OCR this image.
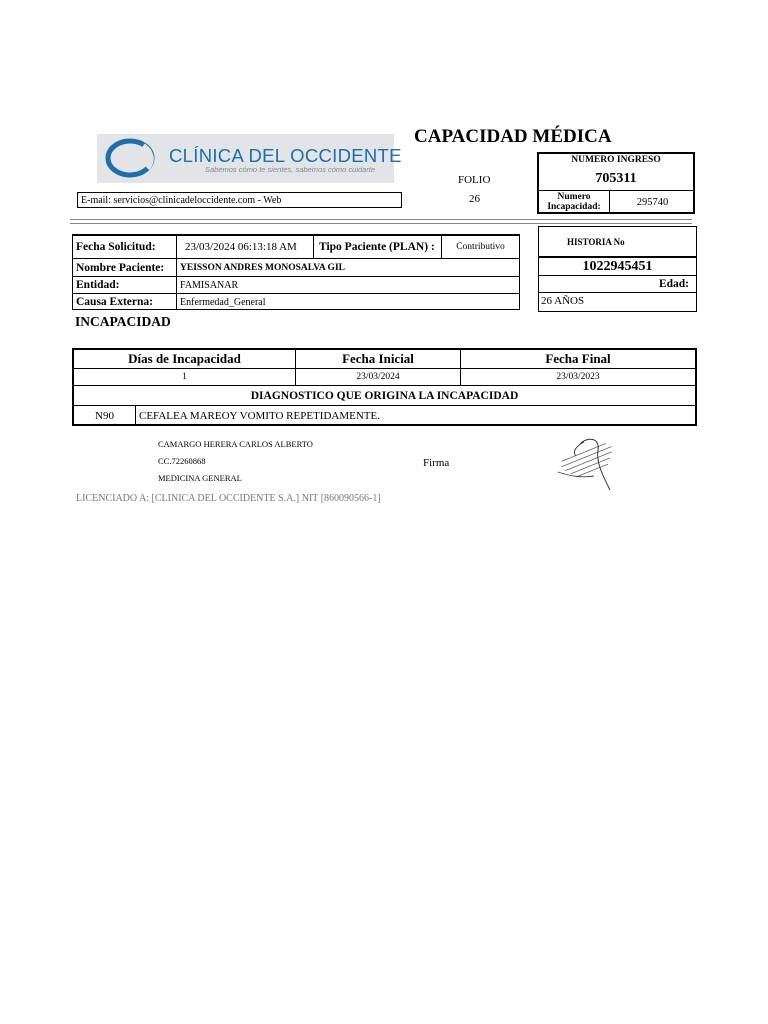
CLÍNICA DEL OCCIDENTE
Sabemos cómo te sientes, sabemos cómo cuidarte
CAPACIDAD MÉDICA
E-mail: servicios@clinicadeloccidente.com - Web
FOLIO
26
NUMERO INGRESO
705311
Numero Incapacidad:	295740
Fecha Solicitud:	23/03/2024 06:13:18 AM	Tipo Paciente (PLAN) :	Contributivo
Nombre Paciente:	YEISSON ANDRES MONOSALVA GIL
Entidad:	FAMISANAR
Causa Externa:	Enfermedad_General
HISTORIA No
1022945451
Edad:
26 AÑOS
INCAPACIDAD
Días de Incapacidad	Fecha Inicial	Fecha Final
1	23/03/2024	23/03/2023
DIAGNOSTICO QUE ORIGINA LA INCAPACIDAD
N90	CEFALEA MAREOY VOMITO REPETIDAMENTE.
CAMARGO HERERA CARLOS ALBERTO
CC.72260868
MEDICINA GENERAL
Firma
LICENCIADO A: [CLINICA DEL OCCIDENTE S.A.] NIT [860090566-1]
